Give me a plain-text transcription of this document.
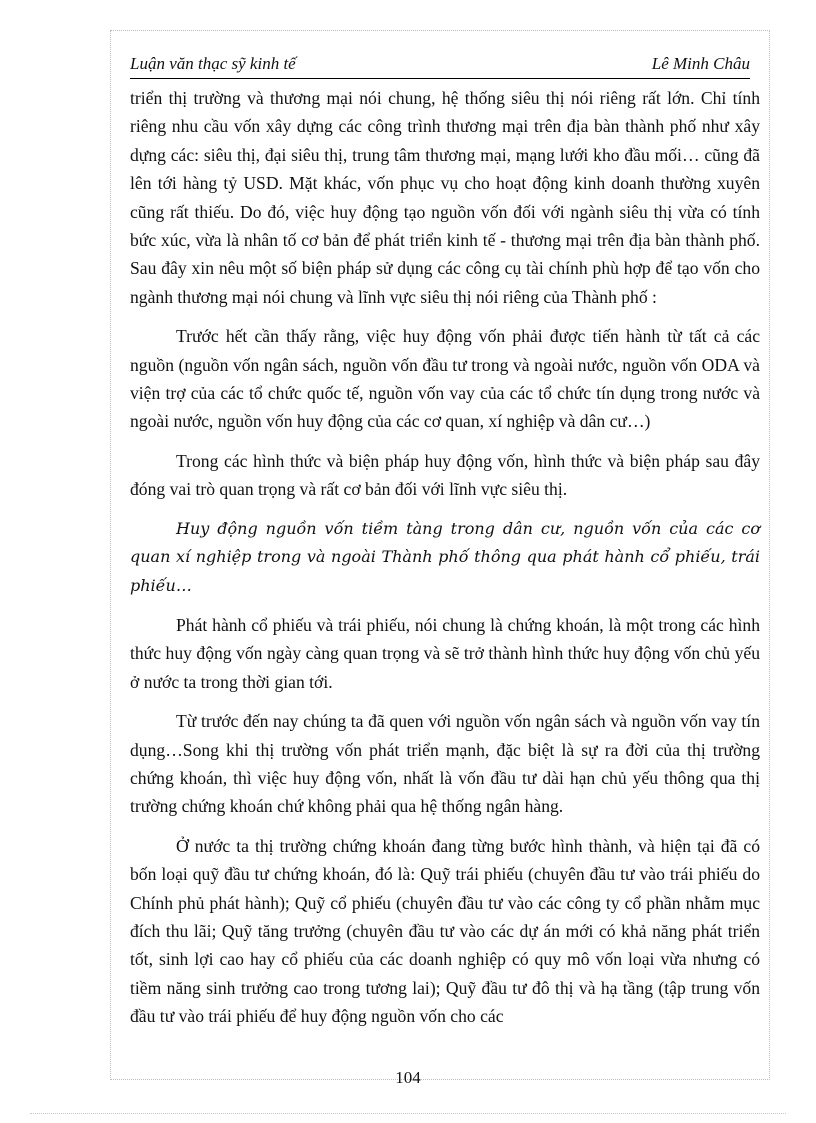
Luận văn thạc sỹ kinh tế	Lê Minh Châu

triển thị trường và thương mại nói chung, hệ thống siêu thị nói riêng rất lớn. Chỉ tính riêng nhu cầu vốn xây dựng các công trình thương mại trên địa bàn thành phố như xây dựng các: siêu thị, đại siêu thị, trung tâm thương mại, mạng lưới kho đầu mối… cũng đã lên tới hàng tỷ USD. Mặt khác, vốn phục vụ cho hoạt động kinh doanh thường xuyên cũng rất thiếu. Do đó, việc huy động tạo nguồn vốn đối với ngành siêu thị vừa có tính bức xúc, vừa là nhân tố cơ bản để phát triển kinh tế - thương mại trên địa bàn thành phố. Sau đây xin nêu một số biện pháp sử dụng các công cụ tài chính phù hợp để tạo vốn cho ngành thương mại nói chung và lĩnh vực siêu thị nói riêng của Thành phố :

Trước hết cần thấy rằng, việc huy động vốn phải được tiến hành từ tất cả các nguồn (nguồn vốn ngân sách, nguồn vốn đầu tư trong và ngoài nước, nguồn vốn ODA và viện trợ của các tổ chức quốc tế, nguồn vốn vay của các tổ chức tín dụng trong nước và ngoài nước, nguồn vốn huy động của các cơ quan, xí nghiệp và dân cư…)

Trong các hình thức và biện pháp huy động vốn, hình thức và biện pháp sau đây đóng vai trò quan trọng và rất cơ bản đối với lĩnh vực siêu thị.

Huy động nguồn vốn tiềm tàng trong dân cư, nguồn vốn của các cơ quan xí nghiệp trong và ngoài Thành phố thông qua phát hành cổ phiếu, trái phiếu…

Phát hành cổ phiếu và trái phiếu, nói chung là chứng khoán, là một trong các hình thức huy động vốn ngày càng quan trọng và sẽ trở thành hình thức huy động vốn chủ yếu ở nước ta trong thời gian tới.

Từ trước đến nay chúng ta đã quen với nguồn vốn ngân sách và nguồn vốn vay tín dụng…Song khi thị trường vốn phát triển mạnh, đặc biệt là sự ra đời của thị trường chứng khoán, thì việc huy động vốn, nhất là vốn đầu tư dài hạn chủ yếu thông qua thị trường chứng khoán chứ không phải qua hệ thống ngân hàng.

Ở nước ta thị trường chứng khoán đang từng bước hình thành, và hiện tại đã có bốn loại quỹ đầu tư chứng khoán, đó là: Quỹ trái phiếu (chuyên đầu tư vào trái phiếu do Chính phủ phát hành); Quỹ cổ phiếu (chuyên đầu tư vào các công ty cổ phần nhằm mục đích thu lãi; Quỹ tăng trưởng (chuyên đầu tư vào các dự án mới có khả năng phát triển tốt, sinh lợi cao hay cổ phiếu của các doanh nghiệp có quy mô vốn loại vừa nhưng có tiềm năng sinh trưởng cao trong tương lai); Quỹ đầu tư đô thị và hạ tầng (tập trung vốn đầu tư vào trái phiếu để huy động nguồn vốn cho các

104
